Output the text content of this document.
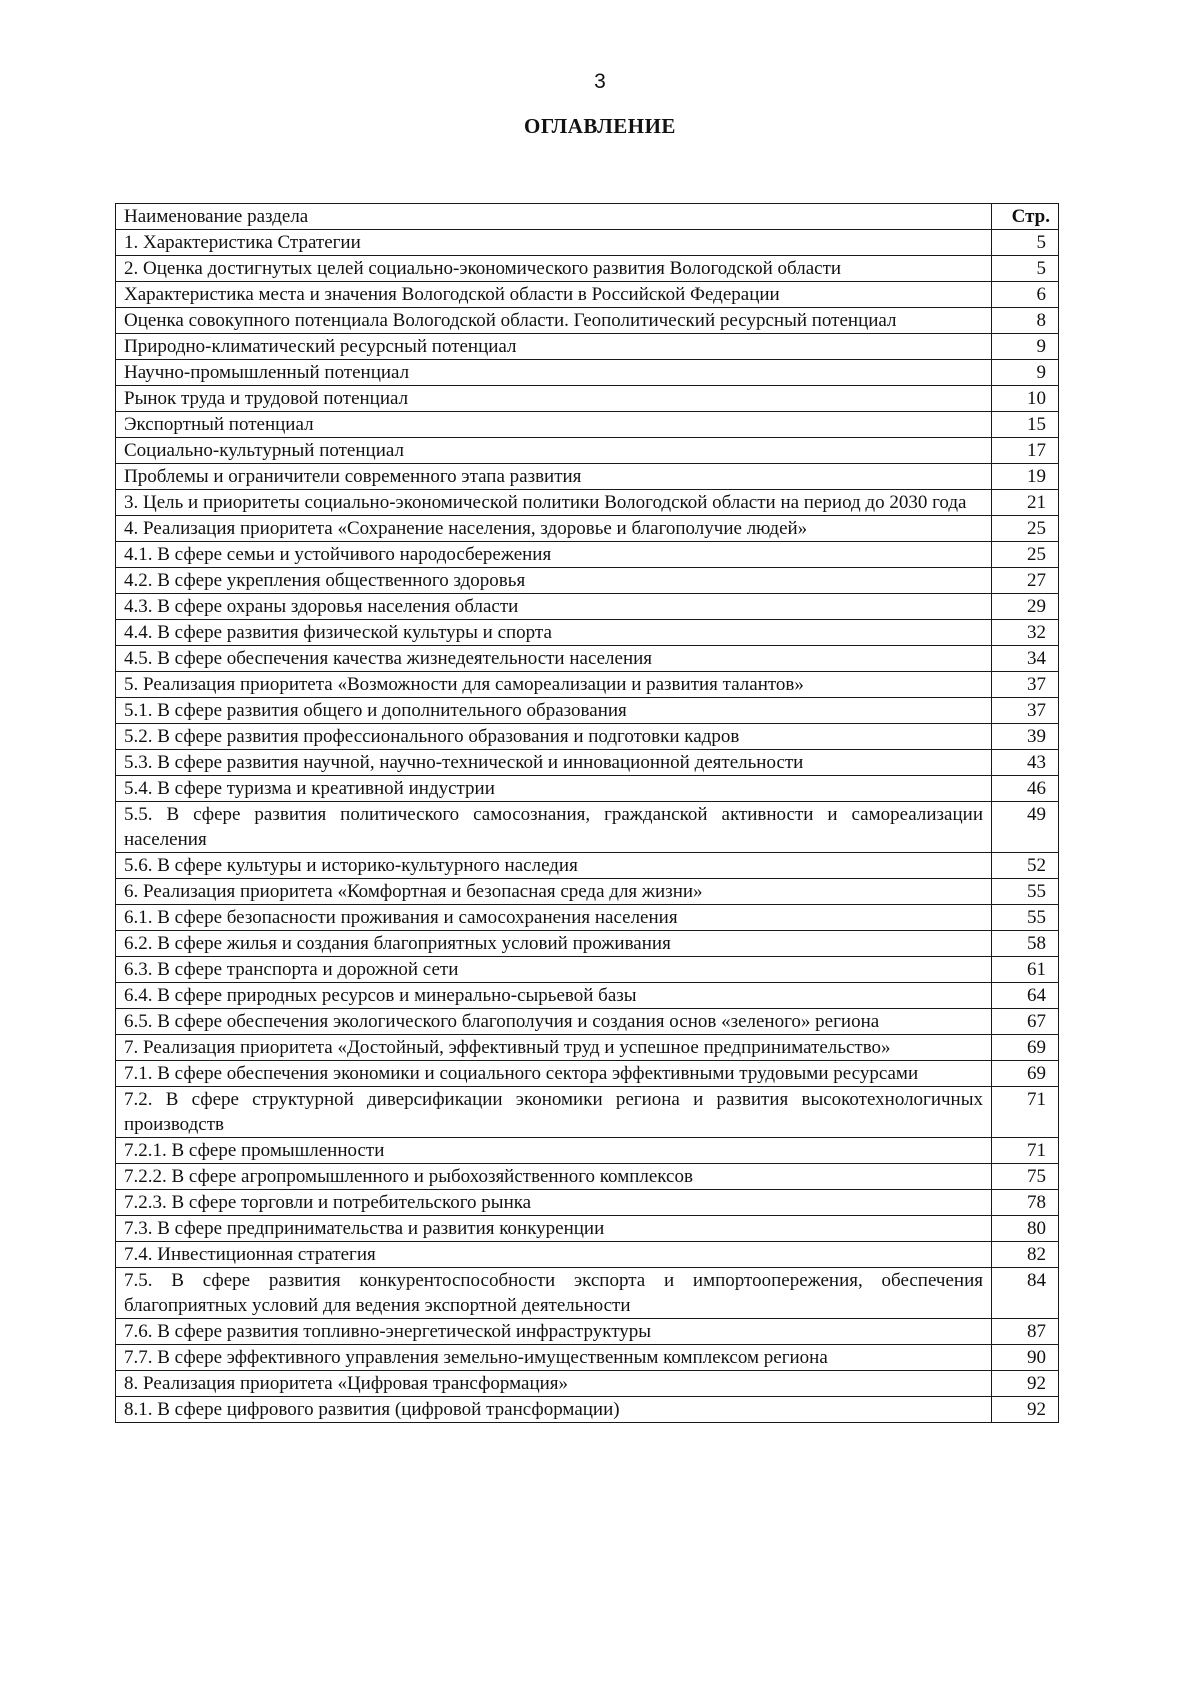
3
ОГЛАВЛЕНИЕ
Наименование раздела	Стр.
1. Характеристика Стратегии	5
2. Оценка достигнутых целей социально-экономического развития Вологодской области	5
Характеристика места и значения Вологодской области в Российской Федерации	6
Оценка совокупного потенциала Вологодской области. Геополитический ресурсный потенциал	8
Природно-климатический ресурсный потенциал	9
Научно-промышленный потенциал	9
Рынок труда и трудовой потенциал	10
Экспортный потенциал	15
Социально-культурный потенциал	17
Проблемы и ограничители современного этапа развития	19
3. Цель и приоритеты социально-экономической политики Вологодской области на период до 2030 года	21
4. Реализация приоритета «Сохранение населения, здоровье и благополучие людей»	25
4.1. В сфере семьи и устойчивого народосбережения	25
4.2. В сфере укрепления общественного здоровья	27
4.3. В сфере охраны здоровья населения области	29
4.4. В сфере развития физической культуры и спорта	32
4.5. В сфере обеспечения качества жизнедеятельности населения	34
5. Реализация приоритета «Возможности для самореализации и развития талантов»	37
5.1. В сфере развития общего и дополнительного образования	37
5.2. В сфере развития профессионального образования и подготовки кадров	39
5.3. В сфере развития научной, научно-технической и инновационной деятельности	43
5.4. В сфере туризма и креативной индустрии	46
5.5. В сфере развития политического самосознания, гражданской активности и самореализации населения	49
5.6. В сфере культуры и историко-культурного наследия	52
6. Реализация приоритета «Комфортная и безопасная среда для жизни»	55
6.1. В сфере безопасности проживания и самосохранения населения	55
6.2. В сфере жилья и создания благоприятных условий проживания	58
6.3. В сфере транспорта и дорожной сети	61
6.4. В сфере природных ресурсов и минерально-сырьевой базы	64
6.5. В сфере обеспечения экологического благополучия и создания основ «зеленого» региона	67
7. Реализация приоритета «Достойный, эффективный труд и успешное предпринимательство»	69
7.1. В сфере обеспечения экономики и социального сектора эффективными трудовыми ресурсами	69
7.2. В сфере структурной диверсификации экономики региона и развития высокотехнологичных производств	71
7.2.1. В сфере промышленности	71
7.2.2. В сфере агропромышленного и рыбохозяйственного комплексов	75
7.2.3. В сфере торговли и потребительского рынка	78
7.3. В сфере предпринимательства и развития конкуренции	80
7.4. Инвестиционная стратегия	82
7.5. В сфере развития конкурентоспособности экспорта и импортоопережения, обеспечения благоприятных условий для ведения экспортной деятельности	84
7.6. В сфере развития топливно-энергетической инфраструктуры	87
7.7. В сфере эффективного управления земельно-имущественным комплексом региона	90
8. Реализация приоритета «Цифровая трансформация»	92
8.1. В сфере цифрового развития (цифровой трансформации)	92
